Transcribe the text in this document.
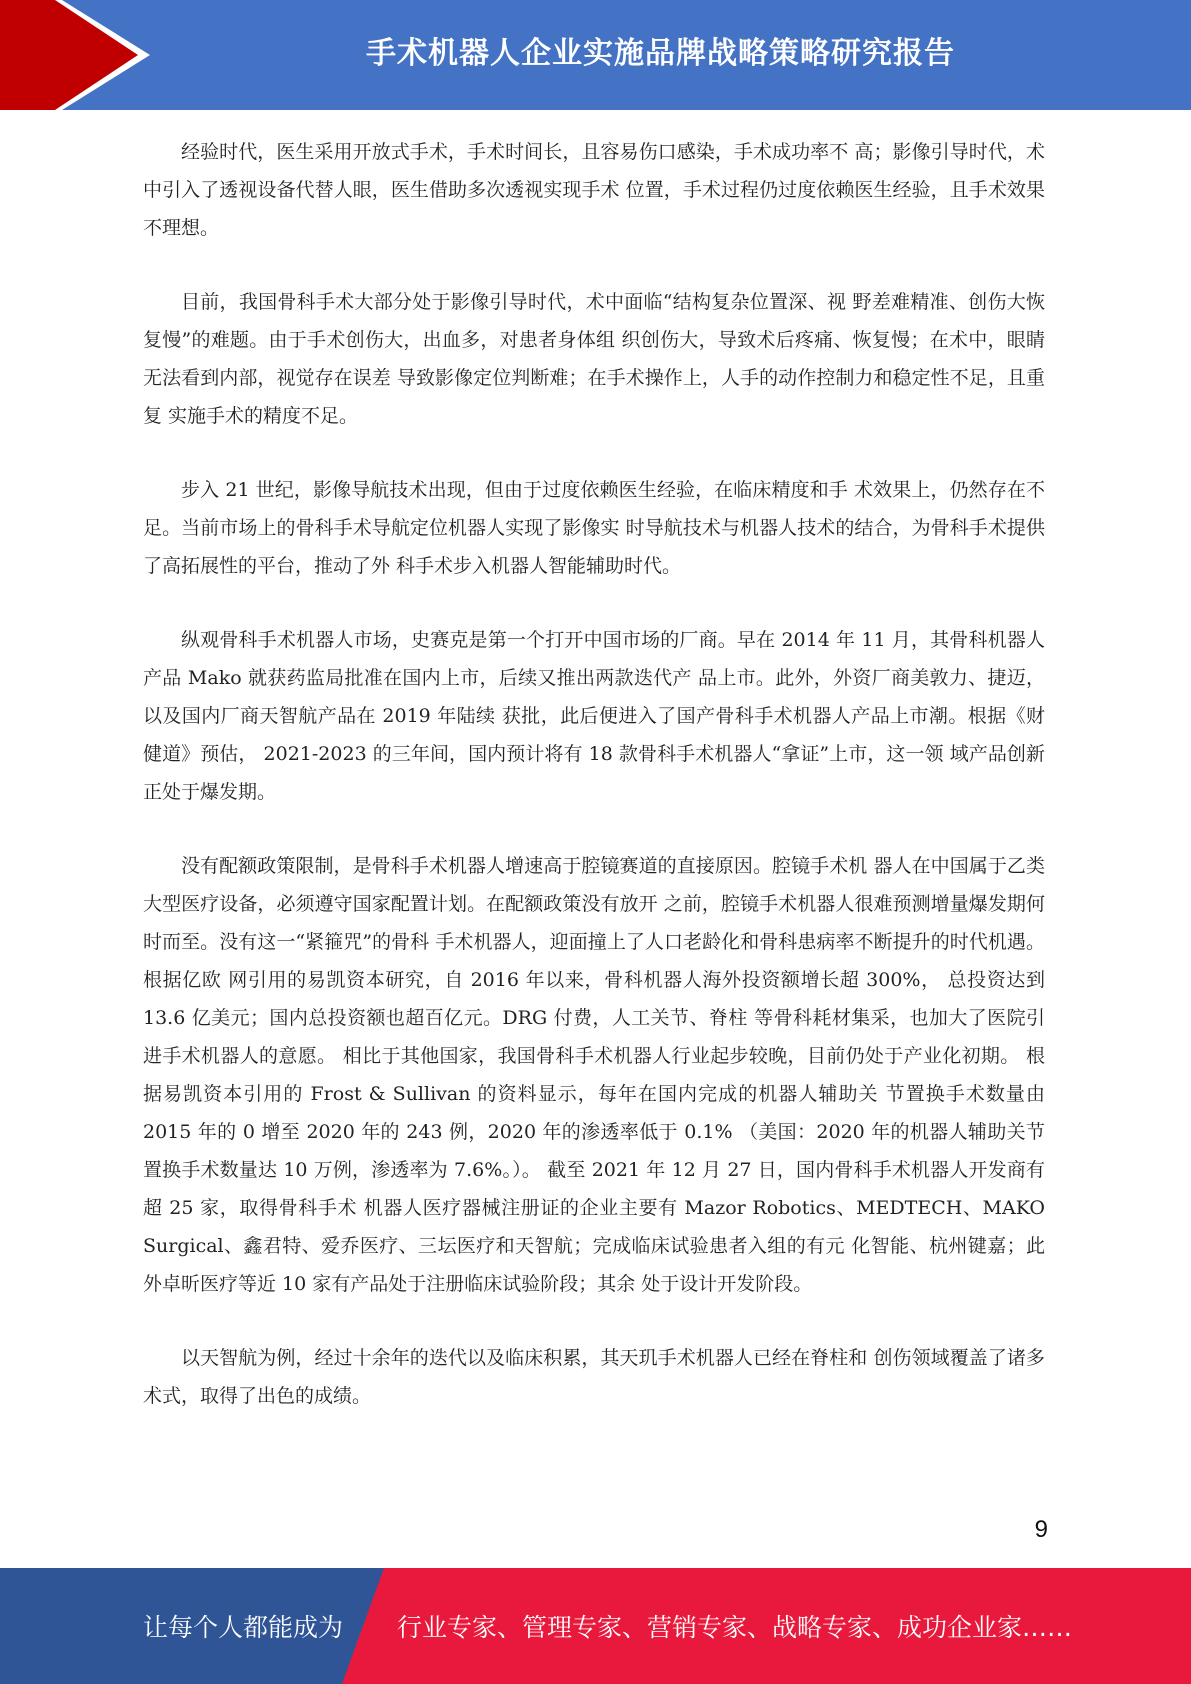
手术机器人企业实施品牌战略策略研究报告

经验时代，医生采用开放式手术，手术时间长，且容易伤口感染，手术成功率不 高；影像引导时代，术中引入了透视设备代替人眼，医生借助多次透视实现手术 位置，手术过程仍过度依赖医生经验，且手术效果不理想。

目前，我国骨科手术大部分处于影像引导时代，术中面临“结构复杂位置深、视 野差难精准、创伤大恢复慢”的难题。由于手术创伤大，出血多，对患者身体组 织创伤大，导致术后疼痛、恢复慢；在术中，眼睛无法看到内部，视觉存在误差 导致影像定位判断难；在手术操作上，人手的动作控制力和稳定性不足，且重复 实施手术的精度不足。

步入 21 世纪，影像导航技术出现，但由于过度依赖医生经验，在临床精度和手 术效果上，仍然存在不足。当前市场上的骨科手术导航定位机器人实现了影像实 时导航技术与机器人技术的结合，为骨科手术提供了高拓展性的平台，推动了外 科手术步入机器人智能辅助时代。

纵观骨科手术机器人市场，史赛克是第一个打开中国市场的厂商。早在 2014 年 11 月，其骨科机器人产品 Mako 就获药监局批准在国内上市，后续又推出两款迭代产 品上市。此外，外资厂商美敦力、捷迈，以及国内厂商天智航产品在 2019 年陆续 获批，此后便进入了国产骨科手术机器人产品上市潮。根据《财健道》预估， 2021-2023 的三年间，国内预计将有 18 款骨科手术机器人“拿证”上市，这一领 域产品创新正处于爆发期。

没有配额政策限制，是骨科手术机器人增速高于腔镜赛道的直接原因。腔镜手术机 器人在中国属于乙类大型医疗设备，必须遵守国家配置计划。在配额政策没有放开 之前，腔镜手术机器人很难预测增量爆发期何时而至。没有这一“紧箍咒”的骨科 手术机器人，迎面撞上了人口老龄化和骨科患病率不断提升的时代机遇。根据亿欧 网引用的易凯资本研究，自 2016 年以来，骨科机器人海外投资额增长超 300%， 总投资达到 13.6 亿美元；国内总投资额也超百亿元。DRG 付费，人工关节、脊柱 等骨科耗材集采，也加大了医院引进手术机器人的意愿。 相比于其他国家，我国骨科手术机器人行业起步较晚，目前仍处于产业化初期。 根 据易凯资本引用的 Frost & Sullivan 的资料显示，每年在国内完成的机器人辅助关 节置换手术数量由 2015 年的 0 增至 2020 年的 243 例，2020 年的渗透率低于 0.1% （美国：2020 年的机器人辅助关节置换手术数量达 10 万例，渗透率为 7.6%。）。 截至 2021 年 12 月 27 日，国内骨科手术机器人开发商有超 25 家，取得骨科手术 机器人医疗器械注册证的企业主要有 Mazor Robotics、MEDTECH、MAKO Surgical、鑫君特、爱乔医疗、三坛医疗和天智航；完成临床试验患者入组的有元 化智能、杭州键嘉；此外卓昕医疗等近 10 家有产品处于注册临床试验阶段；其余 处于设计开发阶段。

以天智航为例，经过十余年的迭代以及临床积累，其天玑手术机器人已经在脊柱和 创伤领域覆盖了诸多术式，取得了出色的成绩。

9
让每个人都能成为 行业专家、管理专家、营销专家、战略专家、成功企业家……
